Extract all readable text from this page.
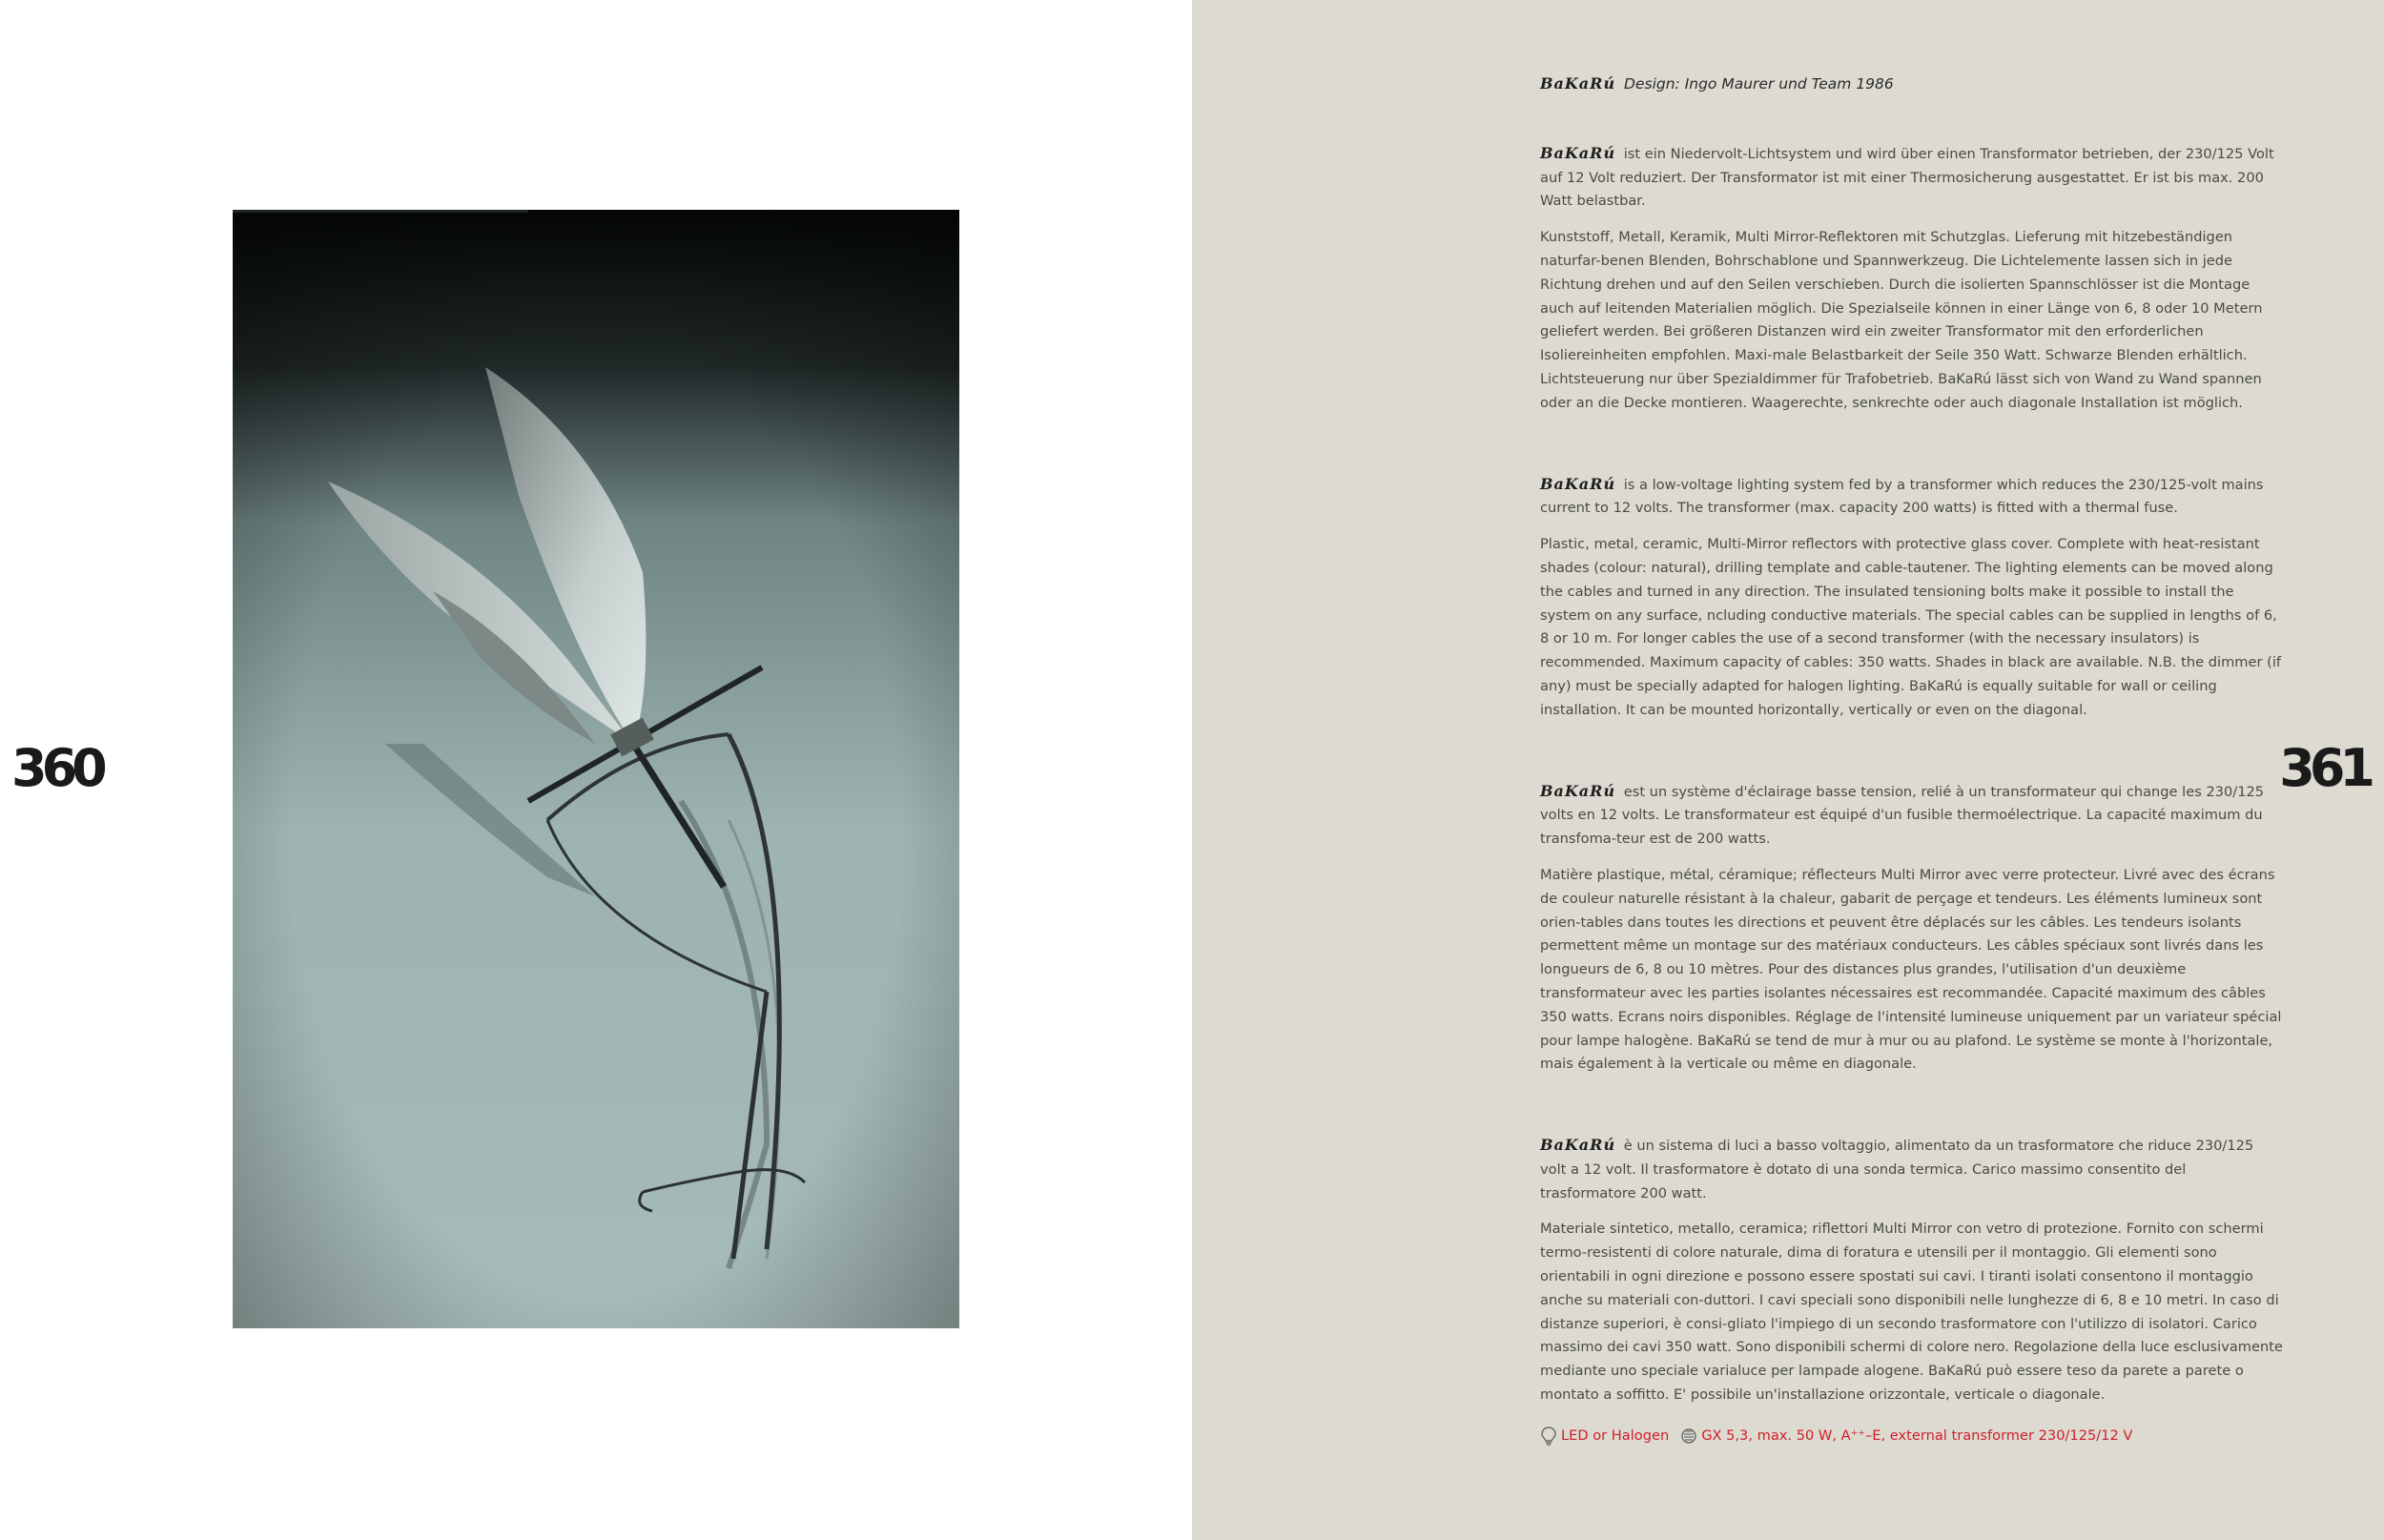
360	361

BaKaRú Design: Ingo Maurer und Team 1986

BaKaRú ist ein Niedervolt-Lichtsystem und wird über einen Transformator betrieben, der 230/125 Volt auf 12 Volt reduziert. Der Transformator ist mit einer Thermosicherung ausgestattet. Er ist bis max. 200 Watt belastbar.

Kunststoff, Metall, Keramik, Multi Mirror-Reflektoren mit Schutzglas. Lieferung mit hitzebeständigen naturfar-benen Blenden, Bohrschablone und Spannwerkzeug. Die Lichtelemente lassen sich in jede Richtung drehen und auf den Seilen verschieben. Durch die isolierten Spannschlösser ist die Montage auch auf leitenden Materialien möglich. Die Spezialseile können in einer Länge von 6, 8 oder 10 Metern geliefert werden. Bei größeren Distanzen wird ein zweiter Transformator mit den erforderlichen Isoliereinheiten empfohlen. Maxi-male Belastbarkeit der Seile 350 Watt. Schwarze Blenden erhältlich. Lichtsteuerung nur über Spezialdimmer für Trafobetrieb. BaKaRú lässt sich von Wand zu Wand spannen oder an die Decke montieren. Waagerechte, senkrechte oder auch diagonale Installation ist möglich.

BaKaRú is a low-voltage lighting system fed by a transformer which reduces the 230/125-volt mains current to 12 volts. The transformer (max. capacity 200 watts) is fitted with a thermal fuse.

Plastic, metal, ceramic, Multi-Mirror reflectors with protective glass cover. Complete with heat-resistant shades (colour: natural), drilling template and cable-tautener. The lighting elements can be moved along the cables and turned in any direction. The insulated tensioning bolts make it possible to install the system on any surface, ncluding conductive materials. The special cables can be supplied in lengths of 6, 8 or 10 m. For longer cables the use of a second transformer (with the necessary insulators) is recommended. Maximum capacity of cables: 350 watts. Shades in black are available. N.B. the dimmer (if any) must be specially adapted for halogen lighting. BaKaRú is equally suitable for wall or ceiling installation. It can be mounted horizontally, vertically or even on the diagonal.

BaKaRú est un système d'éclairage basse tension, relié à un transformateur qui change les 230/125 volts en 12 volts. Le transformateur est équipé d'un fusible thermoélectrique. La capacité maximum du transfoma-teur est de 200 watts.

Matière plastique, métal, céramique; réflecteurs Multi Mirror avec verre protecteur. Livré avec des écrans de couleur naturelle résistant à la chaleur, gabarit de perçage et tendeurs. Les éléments lumineux sont orien-tables dans toutes les directions et peuvent être déplacés sur les câbles. Les tendeurs isolants permettent même un montage sur des matériaux conducteurs. Les câbles spéciaux sont livrés dans les longueurs de 6, 8 ou 10 mètres. Pour des distances plus grandes, l'utilisation d'un deuxième transformateur avec les parties isolantes nécessaires est recommandée. Capacité maximum des câbles 350 watts. Ecrans noirs disponibles. Réglage de l'intensité lumineuse uniquement par un variateur spécial pour lampe halogène. BaKaRú se tend de mur à mur ou au plafond. Le système se monte à l'horizontale, mais également à la verticale ou même en diagonale.

BaKaRú è un sistema di luci a basso voltaggio, alimentato da un trasformatore che riduce 230/125 volt a 12 volt. Il trasformatore è dotato di una sonda termica. Carico massimo consentito del trasformatore 200 watt.

Materiale sintetico, metallo, ceramica; riflettori Multi Mirror con vetro di protezione. Fornito con schermi termo-resistenti di colore naturale, dima di foratura e utensili per il montaggio. Gli elementi sono orientabili in ogni direzione e possono essere spostati sui cavi. I tiranti isolati consentono il montaggio anche su materiali con-duttori. I cavi speciali sono disponibili nelle lunghezze di 6, 8 e 10 metri. In caso di distanze superiori, è consi-gliato l'impiego di un secondo trasformatore con l'utilizzo di isolatori. Carico massimo dei cavi 350 watt. Sono disponibili schermi di colore nero. Regolazione della luce esclusivamente mediante uno speciale varialuce per lampade alogene. BaKaRú può essere teso da parete a parete o montato a soffitto. E' possibile un'installazione orizzontale, verticale o diagonale.

LED or Halogen GX 5,3, max. 50 W, A⁺⁺–E, external transformer 230/125/12 V
